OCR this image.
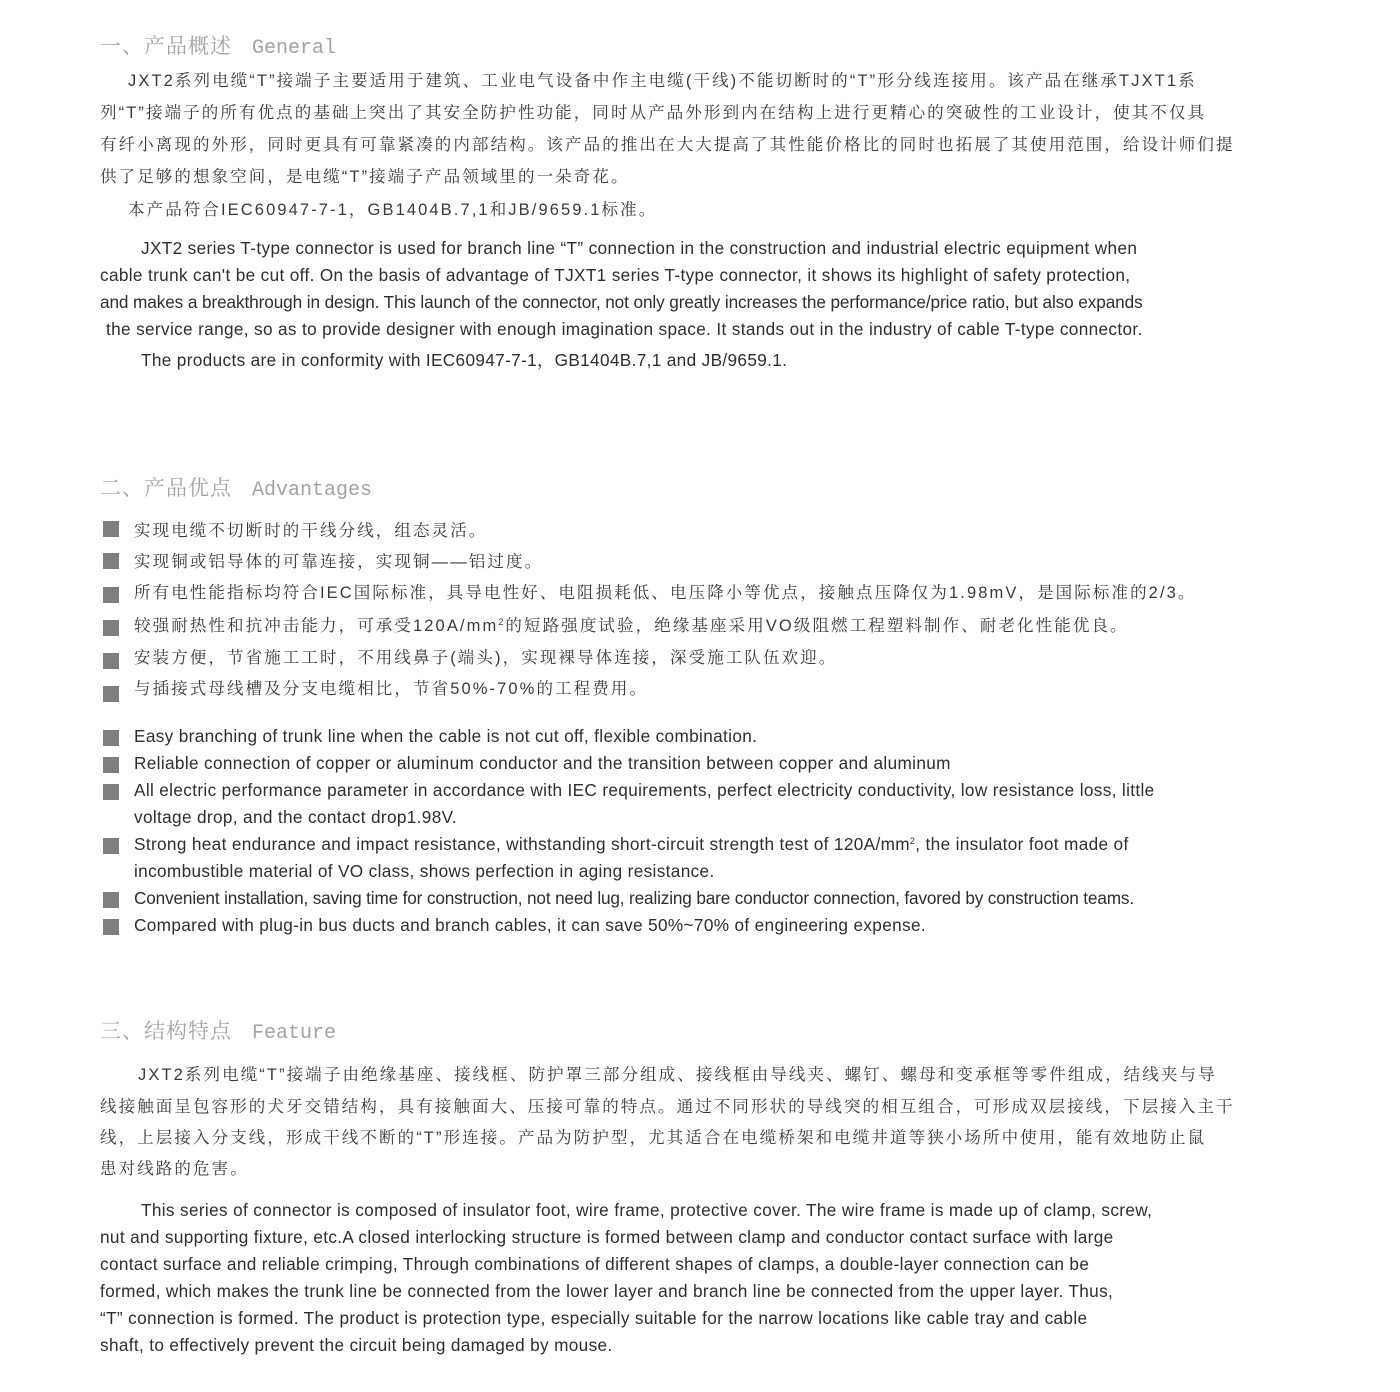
一、产品概述 General
JXT2系列电缆“T”接端子主要适用于建筑、工业电气设备中作主电缆(干线)不能切断时的“T”形分线连接用。该产品在继承TJXT1系
列“T”接端子的所有优点的基础上突出了其安全防护性功能，同时从产品外形到内在结构上进行更精心的突破性的工业设计，使其不仅具
有纤小离现的外形，同时更具有可靠紧凑的内部结构。该产品的推出在大大提高了其性能价格比的同时也拓展了其使用范围，给设计师们提
供了足够的想象空间，是电缆“T”接端子产品领域里的一朵奇花。
本产品符合IEC60947-7-1，GB1404B.7,1和JB/9659.1标准。
JXT2 series T-type connector is used for branch line “T” connection in the construction and industrial electric equipment when
cable trunk can't be cut off. On the basis of advantage of TJXT1 series T-type connector, it shows its highlight of safety protection,
and makes a breakthrough in design. This launch of the connector, not only greatly increases the performance/price ratio, but also expands
the service range, so as to provide designer with enough imagination space. It stands out in the industry of cable T-type connector.
The products are in conformity with IEC60947-7-1，GB1404B.7,1 and JB/9659.1.
二、产品优点 Advantages
实现电缆不切断时的干线分线，组态灵活。
实现铜或铝导体的可靠连接，实现铜——铝过度。
所有电性能指标均符合IEC国际标准，具导电性好、电阻损耗低、电压降小等优点，接触点压降仅为1.98mV，是国际标准的2/3。
较强耐热性和抗冲击能力，可承受$120A/mm^2$的短路强度试验，绝缘基座采用VO级阻燃工程塑料制作、耐老化性能优良。
安装方便，节省施工工时，不用线鼻子(端头)，实现裸导体连接，深受施工队伍欢迎。
与插接式母线槽及分支电缆相比，节省50%-70%的工程费用。
Easy branching of trunk line when the cable is not cut off, flexible combination.
Reliable connection of copper or aluminum conductor and the transition between copper and aluminum
All electric performance parameter in accordance with IEC requirements, perfect electricity conductivity, low resistance loss, little
voltage drop, and the contact drop1.98V.
Strong heat endurance and impact resistance, withstanding short-circuit strength test of $120A/mm^2$, the insulator foot made of
incombustible material of VO class, shows perfection in aging resistance.
Convenient installation, saving time for construction, not need lug, realizing bare conductor connection, favored by construction teams.
Compared with plug-in bus ducts and branch cables, it can save 50%~70% of engineering expense.
三、结构特点 Feature
JXT2系列电缆“T”接端子由绝缘基座、接线框、防护罩三部分组成、接线框由导线夹、螺钉、螺母和变承框等零件组成，结线夹与导
线接触面呈包容形的犬牙交错结构，具有接触面大、压接可靠的特点。通过不同形状的导线突的相互组合，可形成双层接线，下层接入主干
线，上层接入分支线，形成干线不断的“T”形连接。产品为防护型，尤其适合在电缆桥架和电缆井道等狭小场所中使用，能有效地防止鼠
患对线路的危害。
This series of connector is composed of insulator foot, wire frame, protective cover. The wire frame is made up of clamp, screw,
nut and supporting fixture, etc.A closed interlocking structure is formed between clamp and conductor contact surface with large
contact surface and reliable crimping, Through combinations of different shapes of clamps, a double-layer connection can be
formed, which makes the trunk line be connected from the lower layer and branch line be connected from the upper layer. Thus,
“T” connection is formed. The product is protection type, especially suitable for the narrow locations like cable tray and cable
shaft, to effectively prevent the circuit being damaged by mouse.
